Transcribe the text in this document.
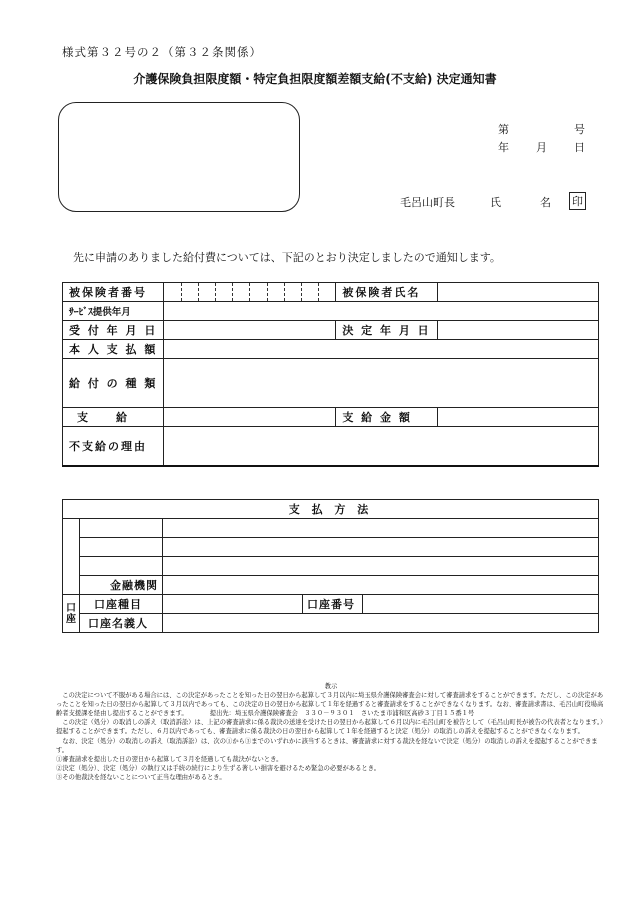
様式第３２号の２（第３２条関係）
介護保険負担限度額・特定負担限度額差額支給(不支給) 決定通知書
第	号
年 月 日
毛呂山町長	氏	名 印
先に申請のありました給付費については、下記のとおり決定しましたので通知します。
被保険者番号		被保険者氏名	
ｻｰﾋﾞｽ提供年月			
受 付 年 月 日		決 定 年 月 日	
本 人 支 払 額			
給 付 の 種 類			
支　　給		支 給 金 額	
不支給の理由			
支 払 方 法				

	金融機関			
口座	口座種目		口座番号	
	口座名義人			
教示

　この決定について不服がある場合には、この決定があったことを知った日の翌日から起算して３月以内に埼玉県介護保険審査会に対して審査請求をすることができます。ただし、この決定があったことを知った日の翌日から起算して３月以内であっても、この決定の日の翌日から起算して１年を経過すると審査請求をすることができなくなります。なお、審査請求書は、毛呂山町役場高齢者支援課を経由し提出することができます。　　　　提出先：埼玉県介護保険審査会　３３０－９３０１　さいたま市浦和区高砂３丁目１５番１号

　この決定（処分）の取消しの訴え（取消訴訟）は、上記の審査請求に係る裁決の送達を受けた日の翌日から起算して６月以内に毛呂山町を被告として（毛呂山町長が被告の代表者となります。）提起することができます。ただし、６月以内であっても、審査請求に係る裁決の日の翌日から起算して１年を経過すると決定（処分）の取消しの訴えを提起することができなくなります。

　なお、決定（処分）の取消しの訴え（取消訴訟）は、次の①から③までのいずれかに該当するときは、審査請求に対する裁決を経ないで決定（処分）の取消しの訴えを提起することができます。

①審査請求を提出した日の翌日から起算して３月を経過しても裁決がないとき。

②決定（処分）、決定（処分）の執行又は手続の続行により生ずる著しい損害を避けるため緊急の必要があるとき。

③その他裁決を経ないことについて正当な理由があるとき。
